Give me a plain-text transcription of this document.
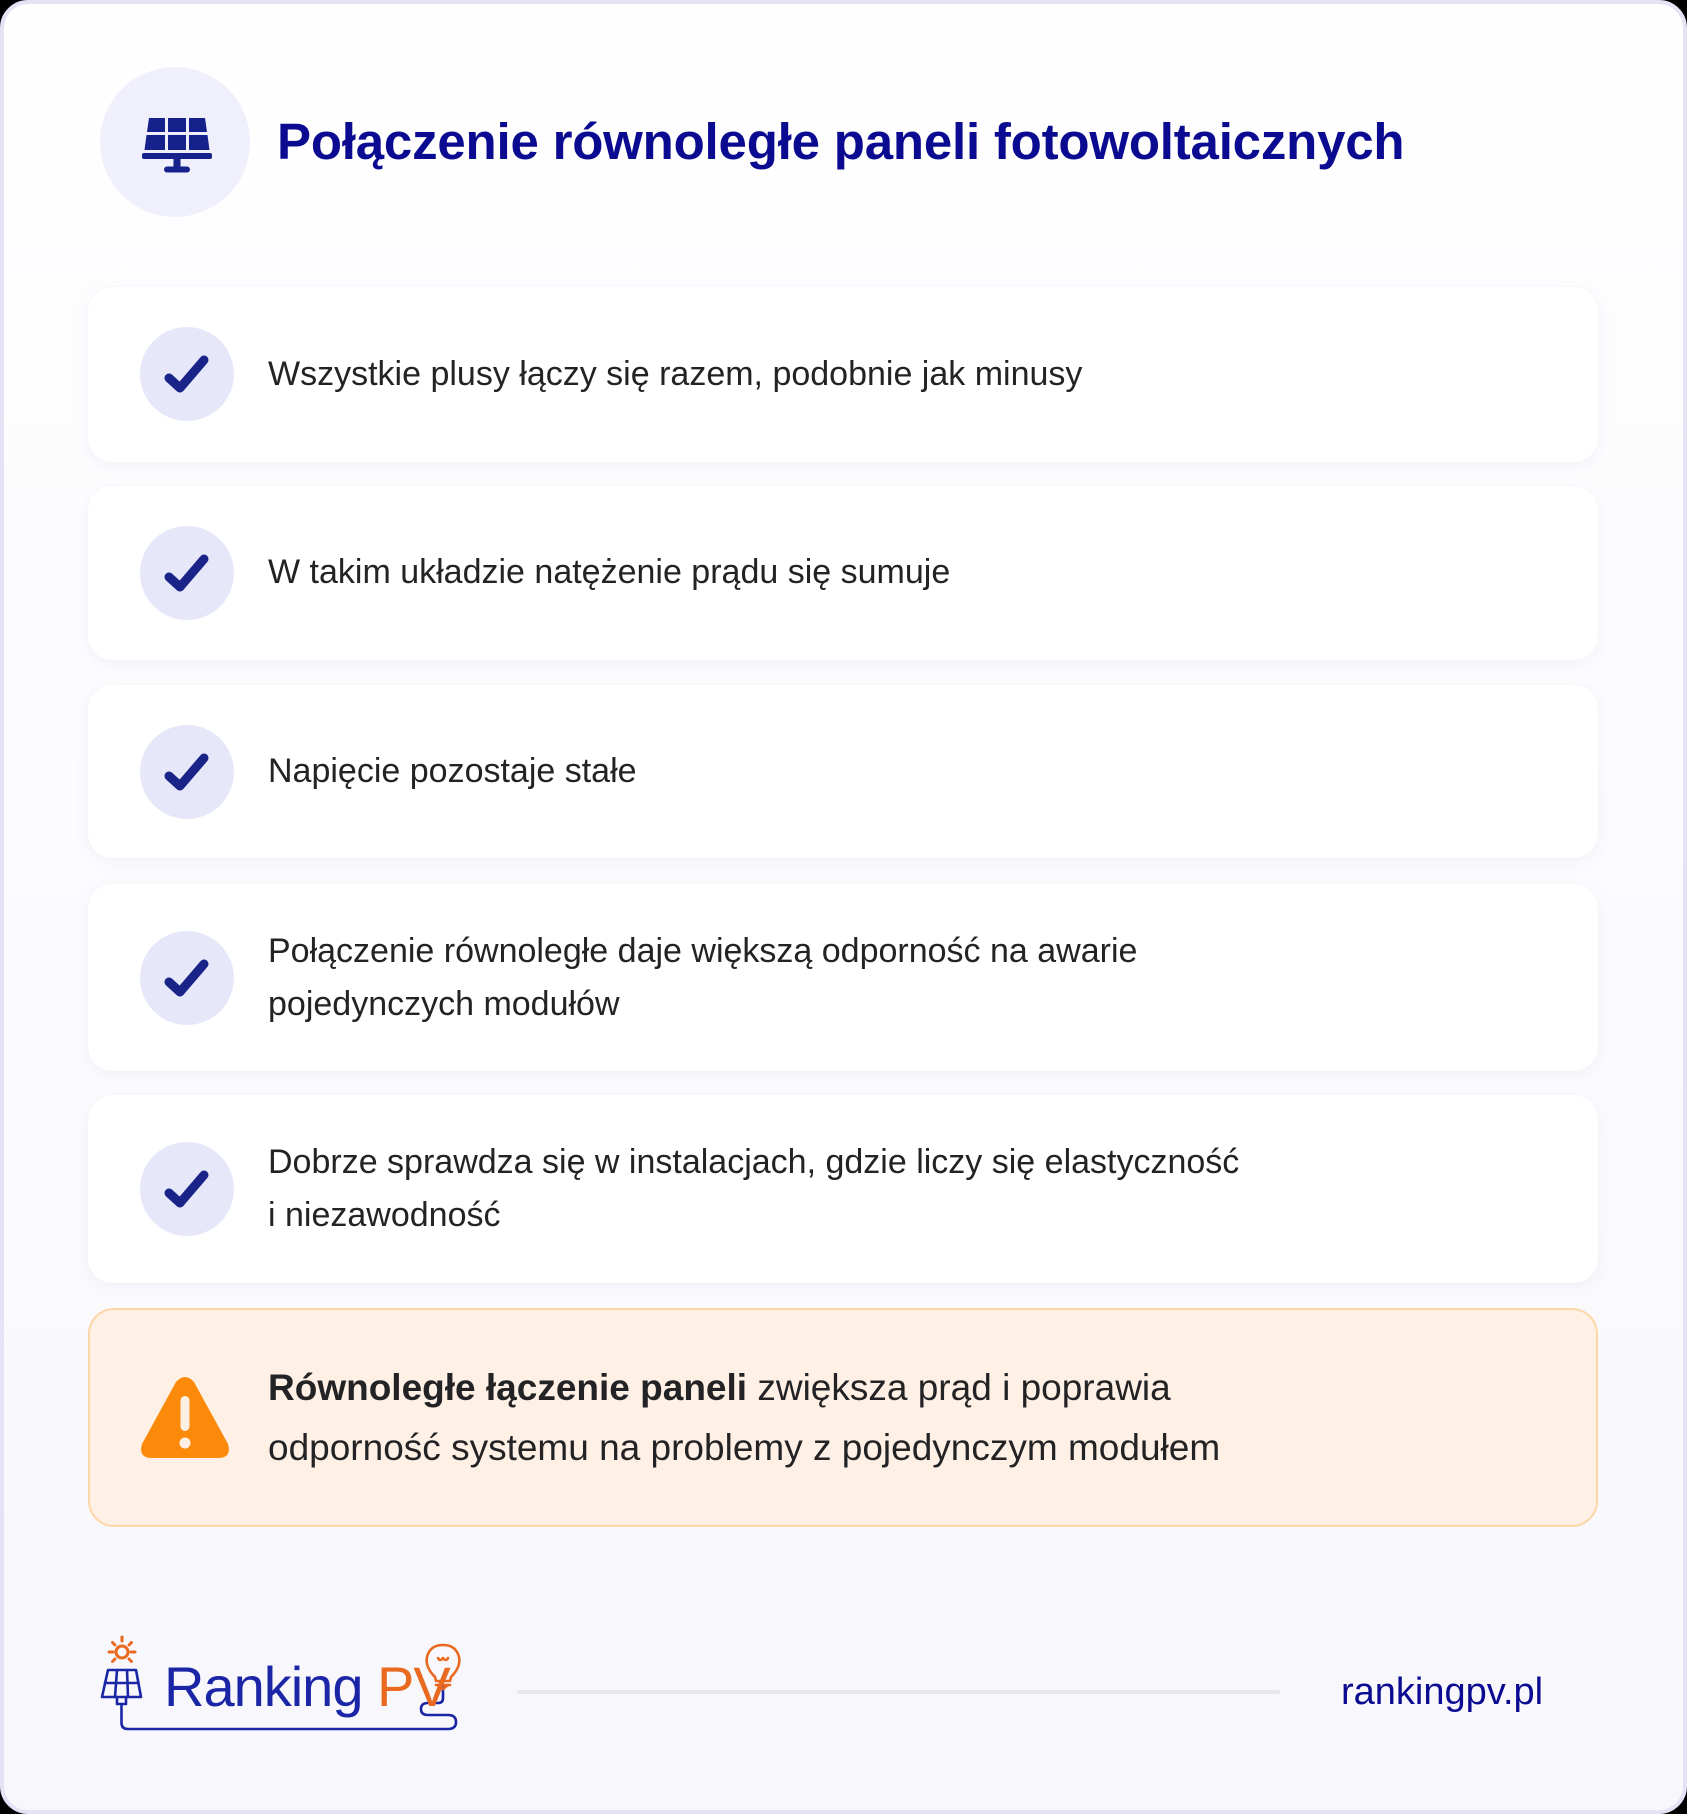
Połączenie równoległe paneli fotowoltaicznych
Wszystkie plusy łączy się razem, podobnie jak minusy
W takim układzie natężenie prądu się sumuje
Napięcie pozostaje stałe
Połączenie równoległe daje większą odporność na awarie
pojedynczych modułów
Dobrze sprawdza się w instalacjach, gdzie liczy się elastyczność
i niezawodność
Równoległe łączenie paneli zwiększa prąd i poprawia
odporność systemu na problemy z pojedynczym modułem
Ranking PV	rankingpv.pl
